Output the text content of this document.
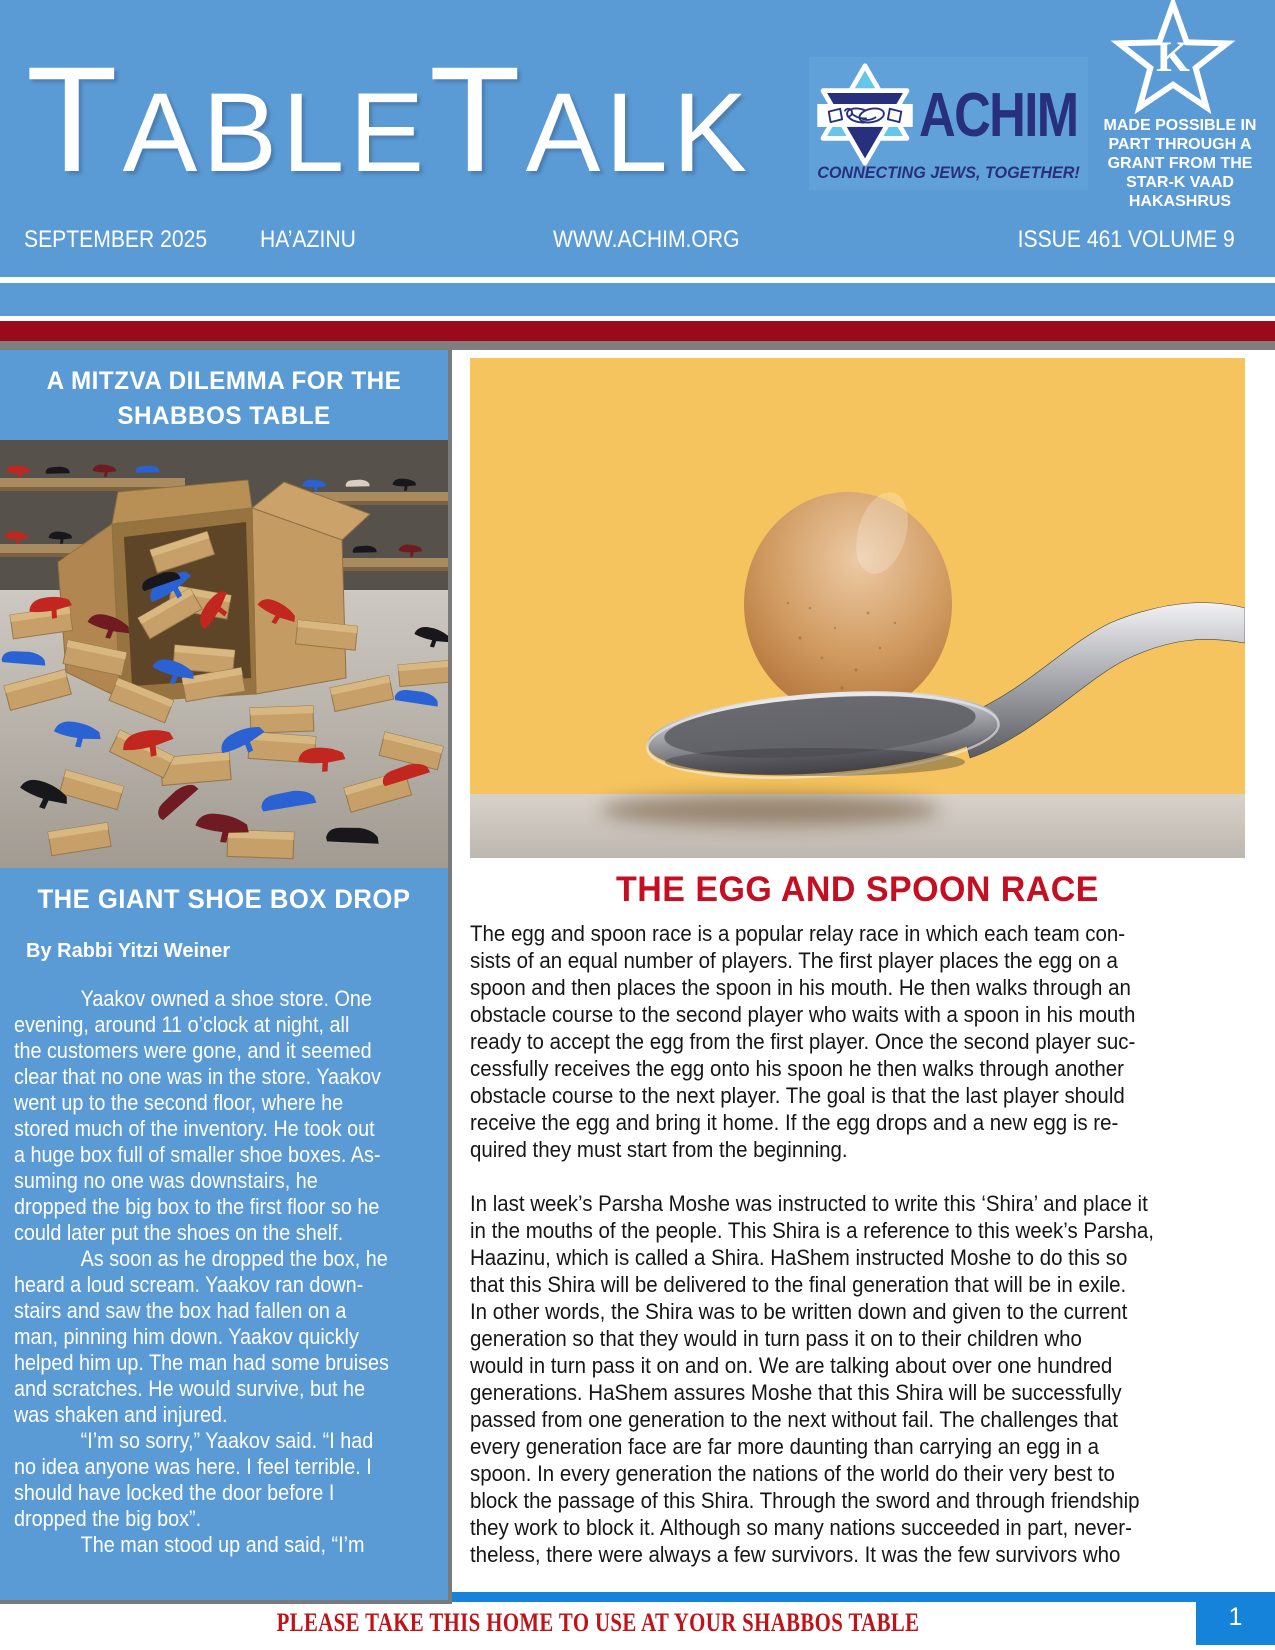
T ABLE T ALK	ACHIM
CONNECTING JEWS, TOGETHER!
K
MADE POSSIBLE IN
PART THROUGH A
GRANT FROM THE
STAR-K VAAD
HAKASHRUS
SEPTEMBER 2025 HA’AZINU	WWW.ACHIM.ORG	ISSUE 461 VOLUME 9
A MITZVA DILEMMA FOR THE
SHABBOS TABLE
THE GIANT SHOE BOX DROP
By Rabbi Yitzi Weiner
Yaakov owned a shoe store. One
evening, around 11 o’clock at night, all
the customers were gone, and it seemed
clear that no one was in the store. Yaakov
went up to the second floor, where he
stored much of the inventory. He took out
a huge box full of smaller shoe boxes. As-
suming no one was downstairs, he
dropped the big box to the first floor so he
could later put the shoes on the shelf.
As soon as he dropped the box, he
heard a loud scream. Yaakov ran down-
stairs and saw the box had fallen on a
man, pinning him down. Yaakov quickly
helped him up. The man had some bruises
and scratches. He would survive, but he
was shaken and injured.
“I’m so sorry,” Yaakov said. “I had
no idea anyone was here. I feel terrible. I
should have locked the door before I
dropped the big box”.
The man stood up and said, “I’m
THE EGG AND SPOON RACE
The egg and spoon race is a popular relay race in which each team con-
sists of an equal number of players. The first player places the egg on a
spoon and then places the spoon in his mouth. He then walks through an
obstacle course to the second player who waits with a spoon in his mouth
ready to accept the egg from the first player. Once the second player suc-
cessfully receives the egg onto his spoon he then walks through another
obstacle course to the next player. The goal is that the last player should
receive the egg and bring it home. If the egg drops and a new egg is re-
quired they must start from the beginning.
In last week’s Parsha Moshe was instructed to write this ‘Shira’ and place it
in the mouths of the people. This Shira is a reference to this week’s Parsha,
Haazinu, which is called a Shira. HaShem instructed Moshe to do this so
that this Shira will be delivered to the final generation that will be in exile.
In other words, the Shira was to be written down and given to the current
generation so that they would in turn pass it on to their children who
would in turn pass it on and on. We are talking about over one hundred
generations. HaShem assures Moshe that this Shira will be successfully
passed from one generation to the next without fail. The challenges that
every generation face are far more daunting than carrying an egg in a
spoon. In every generation the nations of the world do their very best to
block the passage of this Shira. Through the sword and through friendship
they work to block it. Although so many nations succeeded in part, never-
theless, there were always a few survivors. It was the few survivors who
1
PLEASE TAKE THIS HOME TO USE AT YOUR SHABBOS TABLE
